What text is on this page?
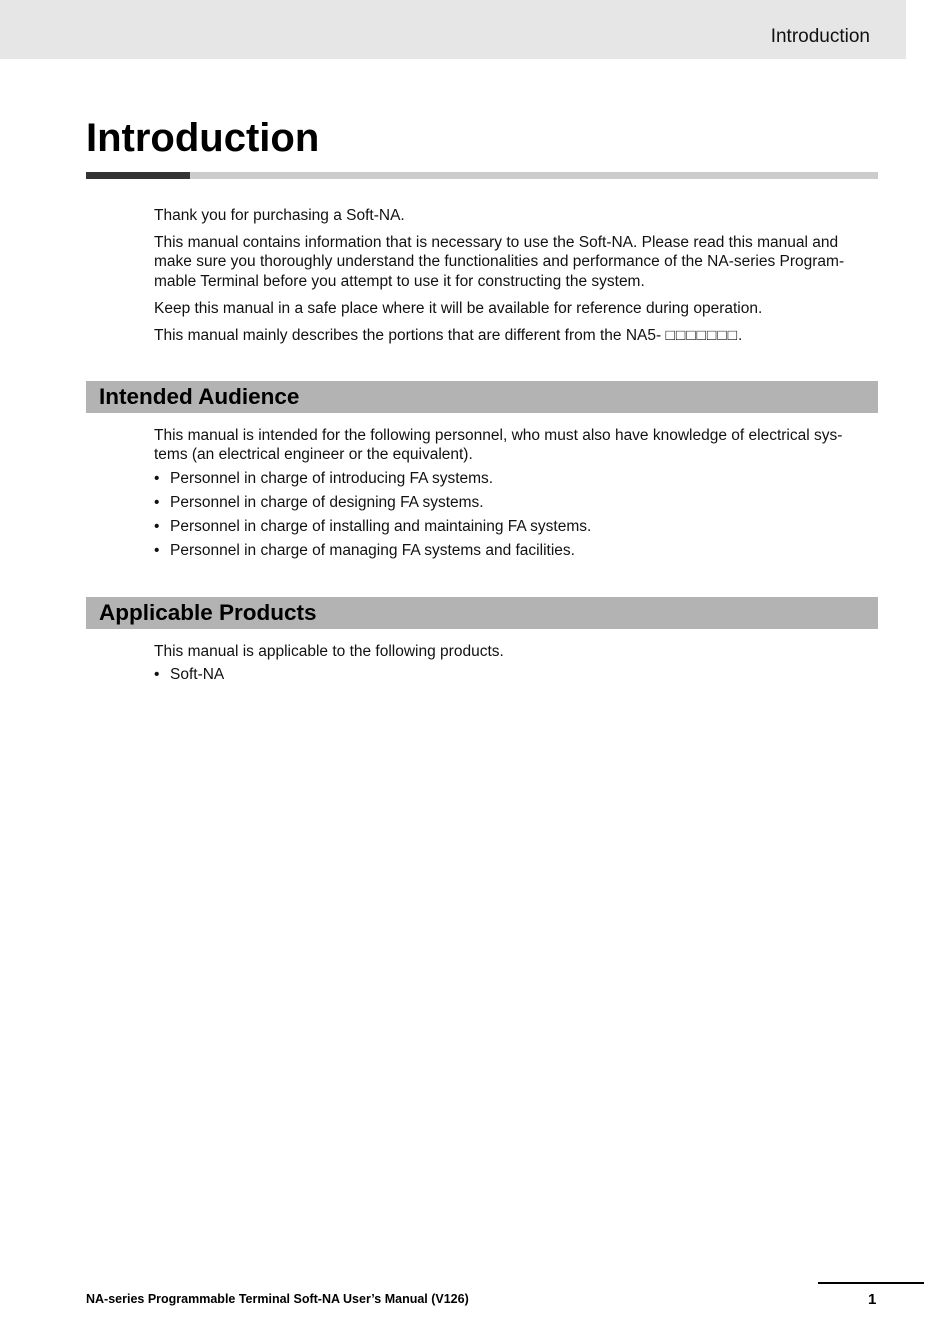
Introduction
Introduction

Thank you for purchasing a Soft-NA.

This manual contains information that is necessary to use the Soft-NA. Please read this manual and make sure you thoroughly understand the functionalities and performance of the NA-series Program-mable Terminal before you attempt to use it for constructing the system.

Keep this manual in a safe place where it will be available for reference during operation.

This manual mainly describes the portions that are different from the NA5- □□□□□□□.

Intended Audience

This manual is intended for the following personnel, who must also have knowledge of electrical sys-tems (an electrical engineer or the equivalent).

• Personnel in charge of introducing FA systems.
• Personnel in charge of designing FA systems.
• Personnel in charge of installing and maintaining FA systems.
• Personnel in charge of managing FA systems and facilities.
Applicable Products

This manual is applicable to the following products.

• Soft-NA
NA-series Programmable Terminal Soft-NA User’s Manual (V126)	1
